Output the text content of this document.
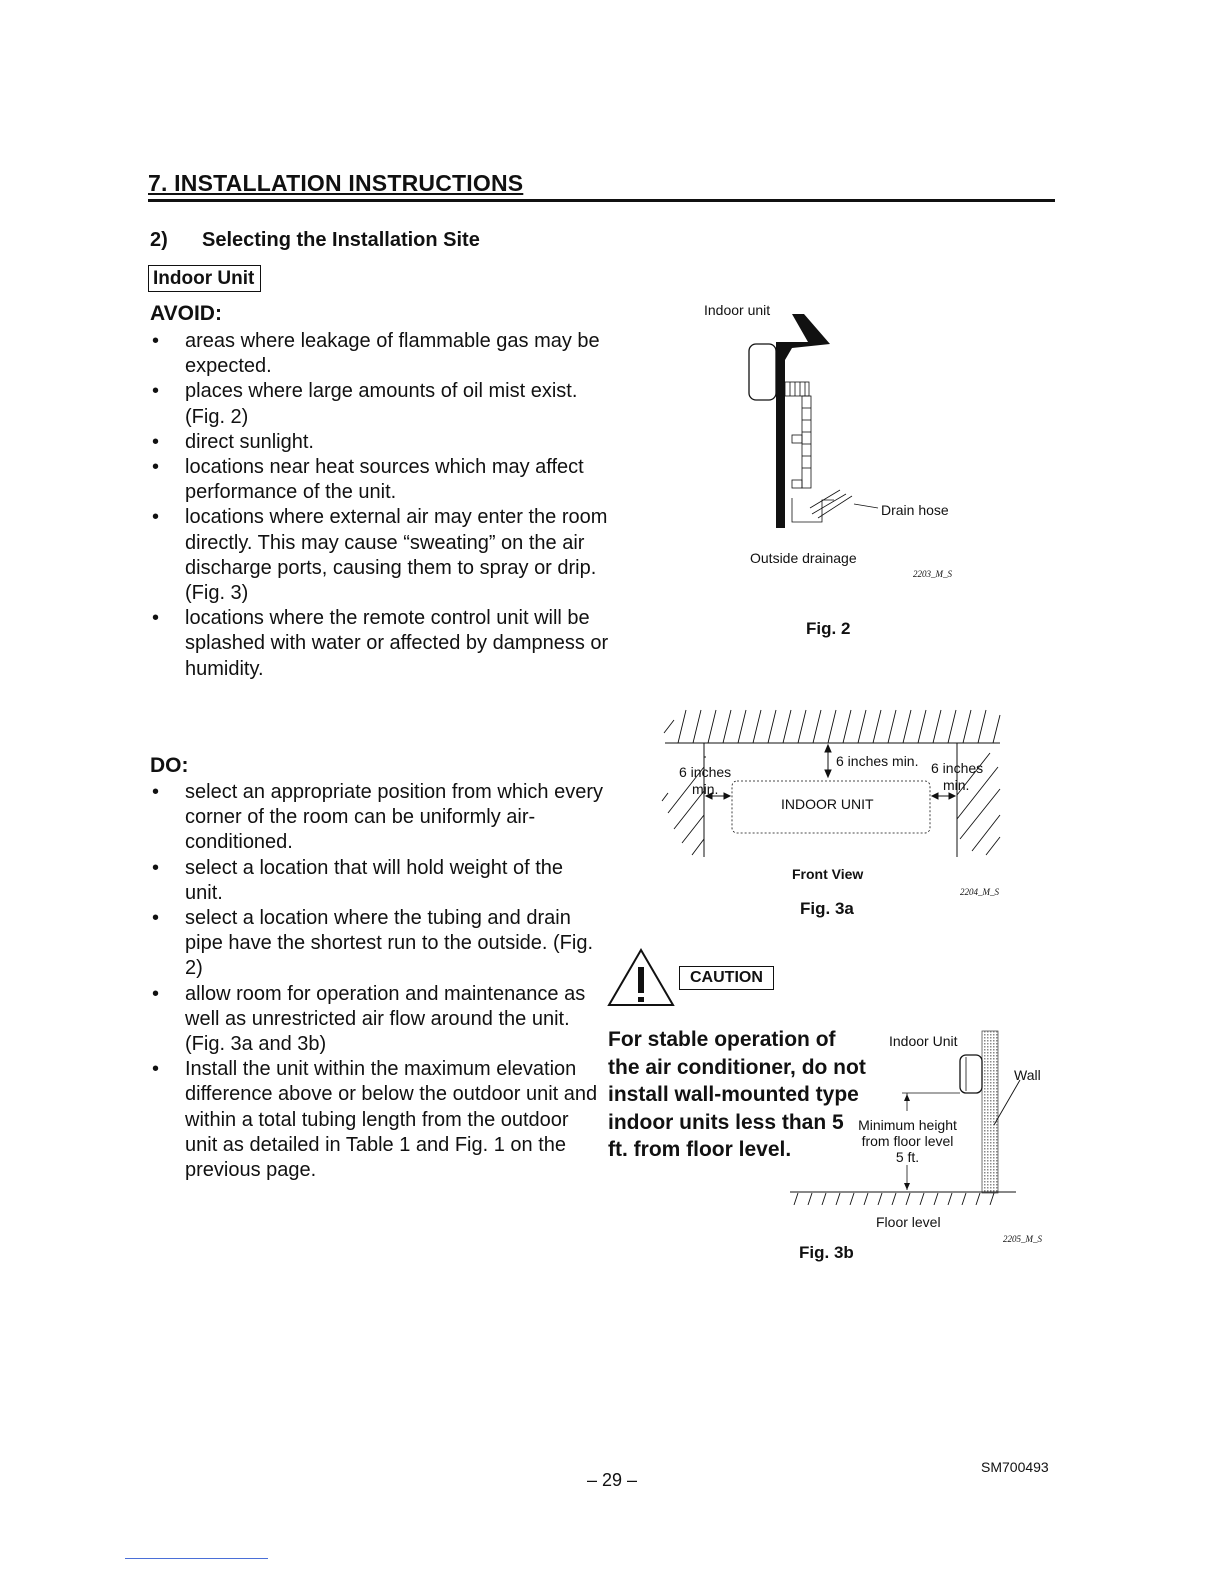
7. INSTALLATION INSTRUCTIONS
2) Selecting the Installation Site
Indoor Unit
AVOID:
• areas where leakage of flammable gas may be expected.
• places where large amounts of oil mist exist. (Fig. 2)
• direct sunlight.
• locations near heat sources which may affect performance of the unit.
• locations where external air may enter the room directly. This may cause “sweating” on the air discharge ports, causing them to spray or drip. (Fig. 3)
• locations where the remote control unit will be splashed with water or affected by dampness or humidity.
DO:
• select an appropriate position from which every corner of the room can be uniformly air-conditioned.
• select a location that will hold weight of the unit.
• select a location where the tubing and drain pipe have the shortest run to the outside. (Fig. 2)
• allow room for operation and maintenance as well as unrestricted air flow around the unit. (Fig. 3a and 3b)
• Install the unit within the maximum elevation difference above or below the outdoor unit and within a total tubing length from the outdoor unit as detailed in Table 1 and Fig. 1 on the previous page.
Indoor unit
Drain hose
Outside drainage
2203_M_S
Fig. 2
6 inches min.
6 inches
min.
6 inches
min.
INDOOR UNIT
Front View
2204_M_S
Fig. 3a
CAUTION
For stable operation of the air conditioner, do not install wall-mounted type indoor units less than 5 ft. from floor level.
Indoor Unit
Wall
Minimum height
from floor level
5 ft.
Floor level
2205_M_S
Fig. 3b
SM700493
– 29 –
